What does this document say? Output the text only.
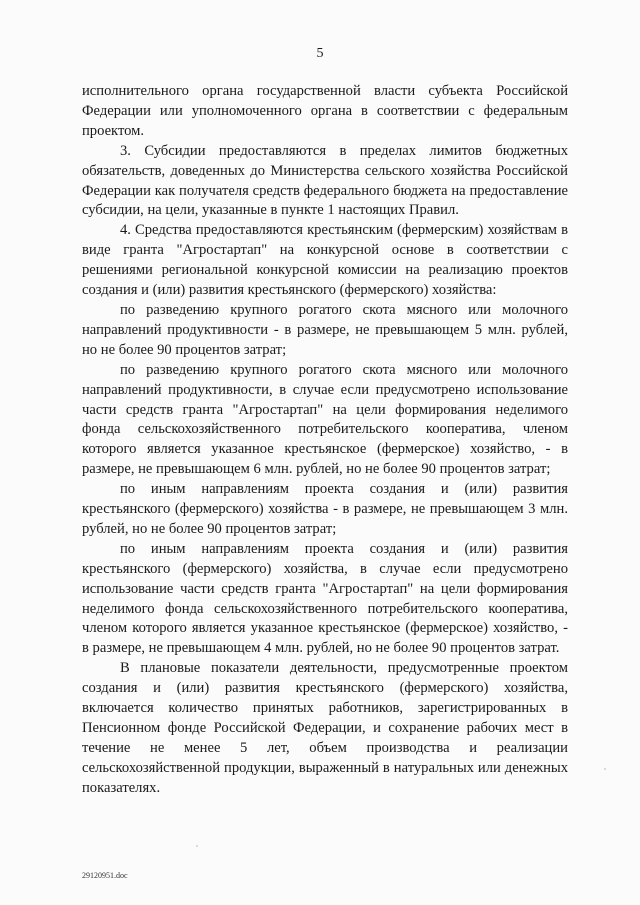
5

исполнительного органа государственной власти субъекта Российской Федерации или уполномоченного органа в соответствии с федеральным проектом.

3. Субсидии предоставляются в пределах лимитов бюджетных обязательств, доведенных до Министерства сельского хозяйства Российской Федерации как получателя средств федерального бюджета на предоставление субсидии, на цели, указанные в пункте 1 настоящих Правил.

4. Средства предоставляются крестьянским (фермерским) хозяйствам в виде гранта "Агростартап" на конкурсной основе в соответствии с решениями региональной конкурсной комиссии на реализацию проектов создания и (или) развития крестьянского (фермерского) хозяйства:

по разведению крупного рогатого скота мясного или молочного направлений продуктивности - в размере, не превышающем 5 млн. рублей, но не более 90 процентов затрат;

по разведению крупного рогатого скота мясного или молочного направлений продуктивности, в случае если предусмотрено использование части средств гранта "Агростартап" на цели формирования неделимого фонда сельскохозяйственного потребительского кооператива, членом которого является указанное крестьянское (фермерское) хозяйство, - в размере, не превышающем 6 млн. рублей, но не более 90 процентов затрат;

по иным направлениям проекта создания и (или) развития крестьянского (фермерского) хозяйства - в размере, не превышающем 3 млн. рублей, но не более 90 процентов затрат;

по иным направлениям проекта создания и (или) развития крестьянского (фермерского) хозяйства, в случае если предусмотрено использование части средств гранта "Агростартап" на цели формирования неделимого фонда сельскохозяйственного потребительского кооператива, членом которого является указанное крестьянское (фермерское) хозяйство, - в размере, не превышающем 4 млн. рублей, но не более 90 процентов затрат.

В плановые показатели деятельности, предусмотренные проектом создания и (или) развития крестьянского (фермерского) хозяйства, включается количество принятых работников, зарегистрированных в Пенсионном фонде Российской Федерации, и сохранение рабочих мест в течение не менее 5 лет, объем производства и реализации сельскохозяйственной продукции, выраженный в натуральных или денежных показателях.

29120951.doc
